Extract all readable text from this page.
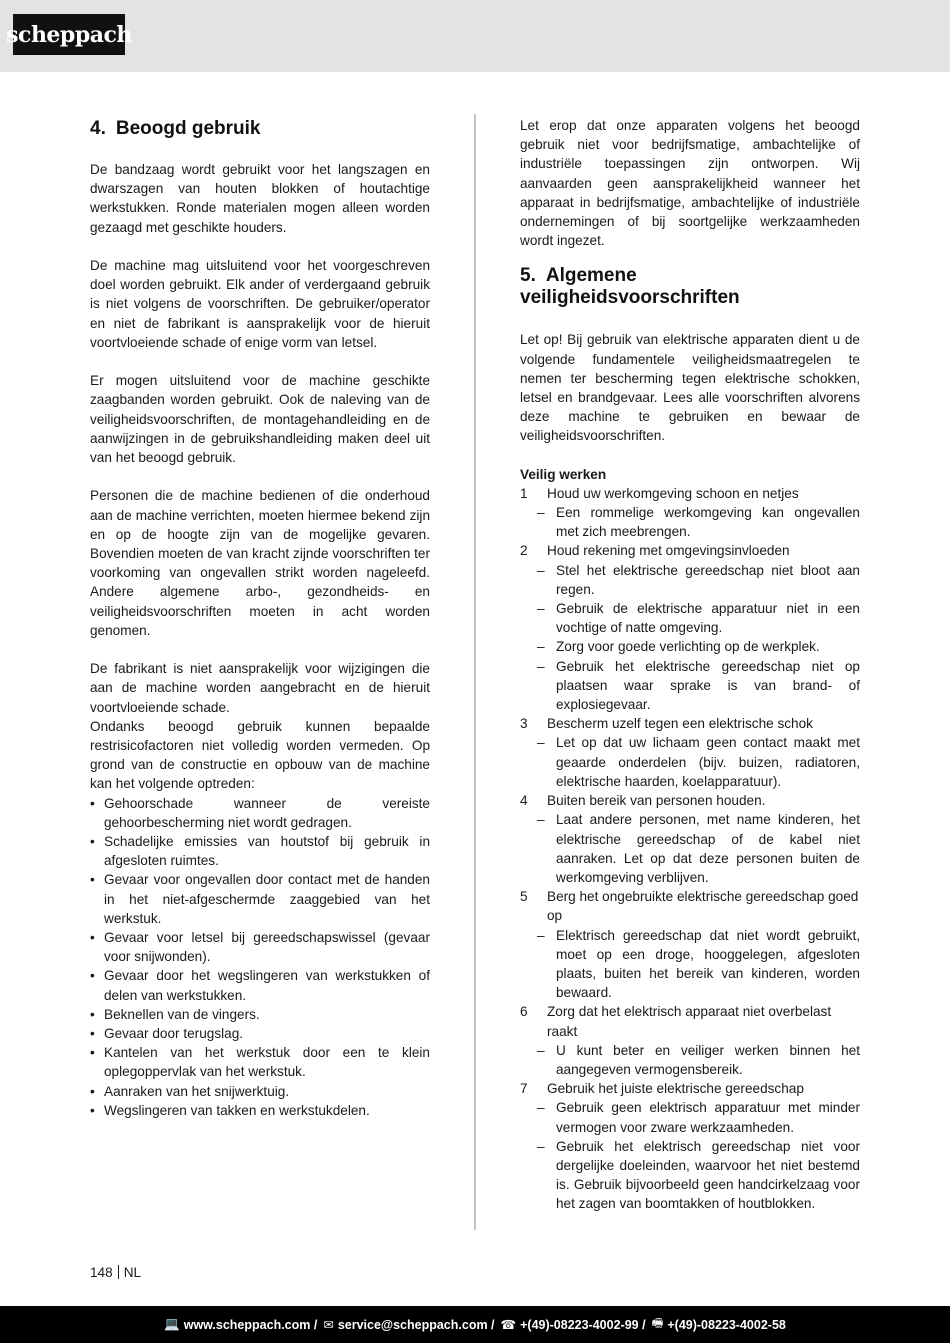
scheppach
4. Beoogd gebruik

De bandzaag wordt gebruikt voor het langszagen en dwarszagen van houten blokken of houtachtige werkstukken. Ronde materialen mogen alleen worden gezaagd met geschikte houders.

De machine mag uitsluitend voor het voorgeschreven doel worden gebruikt. Elk ander of verdergaand gebruik is niet volgens de voorschriften. De gebruiker/operator en niet de fabrikant is aansprakelijk voor de hieruit voortvloeiende schade of enige vorm van letsel.

Er mogen uitsluitend voor de machine geschikte zaagbanden worden gebruikt. Ook de naleving van de veiligheidsvoorschriften, de montagehandleiding en de aanwijzingen in de gebruikshandleiding maken deel uit van het beoogd gebruik.

Personen die de machine bedienen of die onderhoud aan de machine verrichten, moeten hiermee bekend zijn en op de hoogte zijn van de mogelijke gevaren. Bovendien moeten de van kracht zijnde voorschriften ter voorkoming van ongevallen strikt worden nageleefd. Andere algemene arbo-, gezondheids- en veiligheidsvoorschriften moeten in acht worden genomen.

De fabrikant is niet aansprakelijk voor wijzigingen die aan de machine worden aangebracht en de hieruit voortvloeiende schade.

Ondanks beoogd gebruik kunnen bepaalde restrisicofactoren niet volledig worden vermeden. Op grond van de constructie en opbouw van de machine kan het volgende optreden:

• Gehoorschade wanneer de vereiste gehoorbescherming niet wordt gedragen.
• Schadelijke emissies van houtstof bij gebruik in afgesloten ruimtes.
• Gevaar voor ongevallen door contact met de handen in het niet-afgeschermde zaaggebied van het werkstuk.
• Gevaar voor letsel bij gereedschapswissel (gevaar voor snijwonden).
• Gevaar door het wegslingeren van werkstukken of delen van werkstukken.
• Beknellen van de vingers.
• Gevaar door terugslag.
• Kantelen van het werkstuk door een te klein oplegoppervlak van het werkstuk.
• Aanraken van het snijwerktuig.
• Wegslingeren van takken en werkstukdelen.

Let erop dat onze apparaten volgens het beoogd gebruik niet voor bedrijfsmatige, ambachtelijke of industriële toepassingen zijn ontworpen. Wij aanvaarden geen aansprakelijkheid wanneer het apparaat in bedrijfsmatige, ambachtelijke of industriële ondernemingen of bij soortgelijke werkzaamheden wordt ingezet.

5. Algemene veiligheidsvoorschriften

Let op! Bij gebruik van elektrische apparaten dient u de volgende fundamentele veiligheidsmaatregelen te nemen ter bescherming tegen elektrische schokken, letsel en brandgevaar. Lees alle voorschriften alvorens deze machine te gebruiken en bewaar de veiligheidsvoorschriften.

Veilig werken
1 Houd uw werkomgeving schoon en netjes
– Een rommelige werkomgeving kan ongevallen met zich meebrengen.
2 Houd rekening met omgevingsinvloeden
– Stel het elektrische gereedschap niet bloot aan regen.
– Gebruik de elektrische apparatuur niet in een vochtige of natte omgeving.
– Zorg voor goede verlichting op de werkplek.
– Gebruik het elektrische gereedschap niet op plaatsen waar sprake is van brand- of explosiegevaar.
3 Bescherm uzelf tegen een elektrische schok
– Let op dat uw lichaam geen contact maakt met geaarde onderdelen (bijv. buizen, radiatoren, elektrische haarden, koelapparatuur).
4 Buiten bereik van personen houden.
– Laat andere personen, met name kinderen, het elektrische gereedschap of de kabel niet aanraken. Let op dat deze personen buiten de werkomgeving verblijven.
5 Berg het ongebruikte elektrische gereedschap goed op
– Elektrisch gereedschap dat niet wordt gebruikt, moet op een droge, hooggelegen, afgesloten plaats, buiten het bereik van kinderen, worden bewaard.
6 Zorg dat het elektrisch apparaat niet overbelast raakt
– U kunt beter en veiliger werken binnen het aangegeven vermogensbereik.
7 Gebruik het juiste elektrische gereedschap
– Gebruik geen elektrisch apparatuur met minder vermogen voor zware werkzaamheden.
– Gebruik het elektrisch gereedschap niet voor dergelijke doeleinden, waarvoor het niet bestemd is. Gebruik bijvoorbeeld geen handcirkelzaag voor het zagen van boomtakken of houtblokken.
148 NL
💻 www.scheppach.com / ✉ service@scheppach.com / ☎ +(49)-08223-4002-99 / 🖷 +(49)-08223-4002-58
